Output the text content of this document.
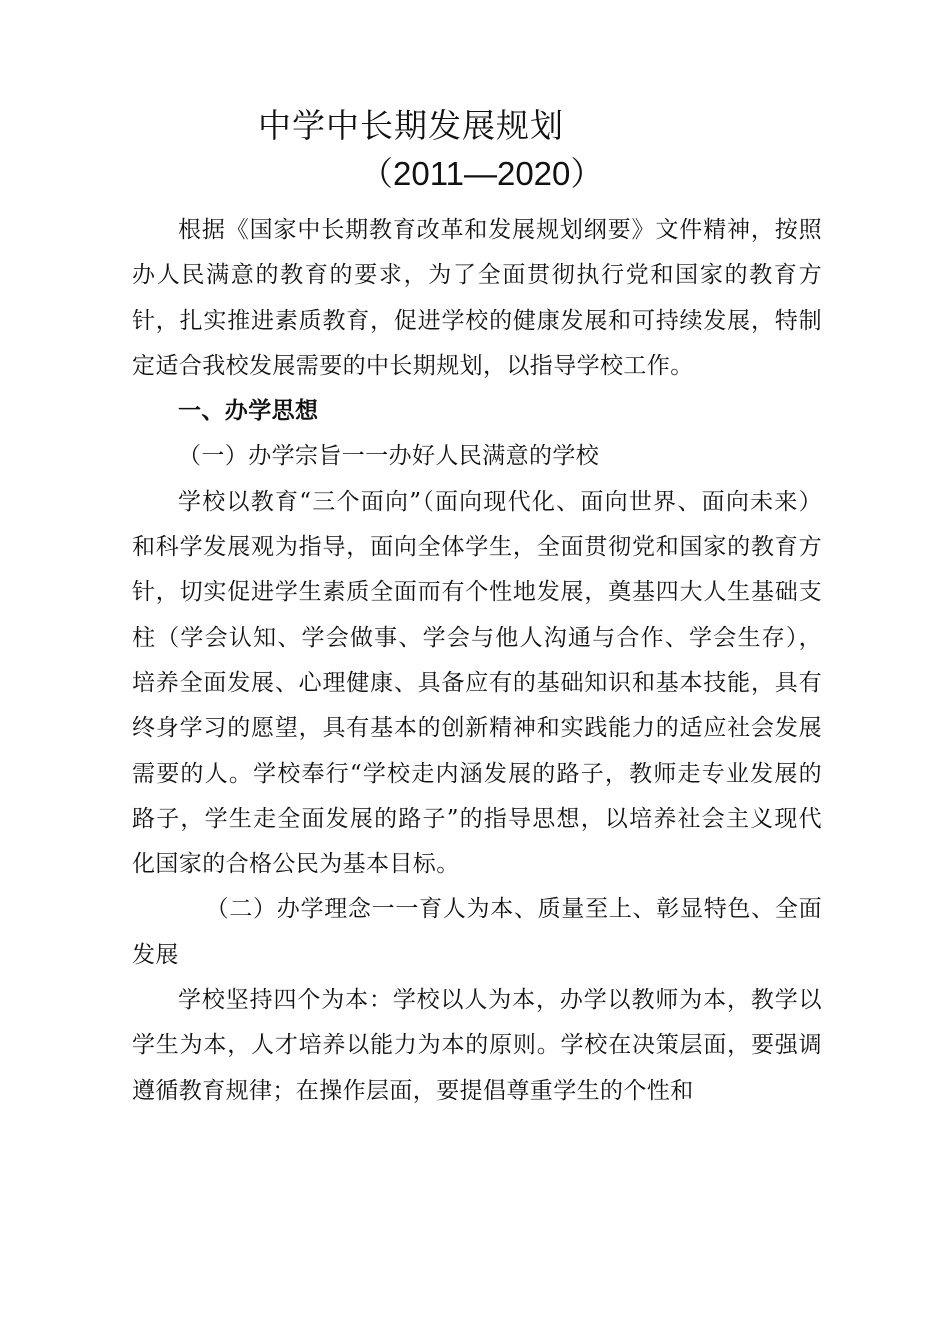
中学中长期发展规划
（2011—2020）

根据《国家中长期教育改革和发展规划纲要》文件精神，按照办人民满意的教育的要求，为了全面贯彻执行党和国家的教育方针，扎实推进素质教育，促进学校的健康发展和可持续发展，特制定适合我校发展需要的中长期规划，以指导学校工作。

一、办学思想

（一）办学宗旨一一办好人民满意的学校

学校以教育“三个面向”（面向现代化、面向世界、面向未来）和科学发展观为指导，面向全体学生，全面贯彻党和国家的教育方针，切实促进学生素质全面而有个性地发展，奠基四大人生基础支柱（学会认知、学会做事、学会与他人沟通与合作、学会生存），培养全面发展、心理健康、具备应有的基础知识和基本技能，具有终身学习的愿望，具有基本的创新精神和实践能力的适应社会发展需要的人。学校奉行“学校走内涵发展的路子，教师走专业发展的路子，学生走全面发展的路子”的指导思想，以培养社会主义现代化国家的合格公民为基本目标。

（二）办学理念一一育人为本、质量至上、彰显特色、全面发展

学校坚持四个为本：学校以人为本，办学以教师为本，教学以学生为本，人才培养以能力为本的原则。学校在决策层面，要强调遵循教育规律；在操作层面，要提倡尊重学生的个性和
